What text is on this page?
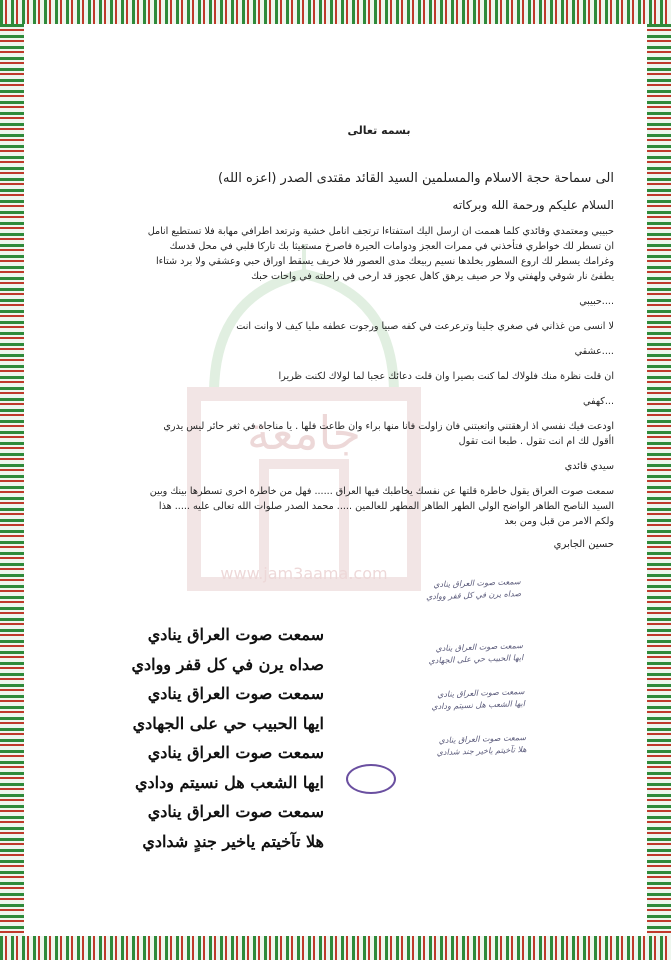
جامعة
www.jam3aama.com
بسمه تعالى
الى سماحة حجة الاسلام والمسلمين السيد القائد مقتدى الصدر (اعزه الله)
السلام عليكم ورحمة الله وبركاته

حبيبي ومعتمدي وقائدي كلما هممت ان ارسل اليك استفتاءا ترتجف انامل خشية وترتعد اطرافي مهابة فلا تستطيع انامل ان تسطر لك خواطري فتأخذني في ممرات العجز ودوامات الحيرة فاصرخ مستغيثا بك تاركا قلبي في محل قدسك وغرامك يسطر لك اروع السطور يخلدها نسيم ربيعك مدى العصور فلا خريف يسقط اوراق حبي وعشقي ولا برد شتاءا يطفئ نار شوقي ولهفتي ولا حر صيف يرهق كاهل عجوز قد ارخى في راحلته في واحات حبك

....حبيبي

لا انسى من غذاني في صغري جلينا وترعرعت في كفه صبيا ورجوت عطفه مليا كيف لا وانت انت

....عشقي

ان قلت نظرة منك فلولاك لما كنت بصيرا وان قلت دعائك عجبا لما لولاك لكنت ظريرا

...كهفي

اودعت فيك نفسي اذ ارهقتني واتعبتني فان زاولت فانا منها براء وان طاعت فلها . يا مناجاة في ثغر حائر ليس يدري اأقول لك ام انت تقول . طبعا انت تقول

سيدي قائدي

سمعت صوت العراق يقول خاطرة قلتها عن نفسك يخاطبك فيها العراق ...... فهل من خاطرة اخرى تسطرها بينك وبين السيد الناصح الطاهر الواضح الولي الطهر الطاهر المطهر للعالمين ..... محمد الصدر صلوات الله تعالى عليه ..... هذا ولكم الامر من قبل ومن بعد

حسين الجابري
سمعت صوت العراق ينادي
صداه يرن في كل قفر ووادي
سمعت صوت العراق ينادي
ايها الحبيب حي على الجهادي
سمعت صوت العراق ينادي
ايها الشعب هل نسيتم ودادي
سمعت صوت العراق ينادي
هلا تآخيتم ياخير جند شدادي
سمعت صوت العراق ينادي
صداه يرن في كل قفر ووادي
سمعت صوت العراق ينادي
ايها الحبيب حي على الجهادي
سمعت صوت العراق ينادي
ايها الشعب هل نسيتم ودادي
سمعت صوت العراق ينادي
هلا تآخيتم ياخير جندٍ شدادي
